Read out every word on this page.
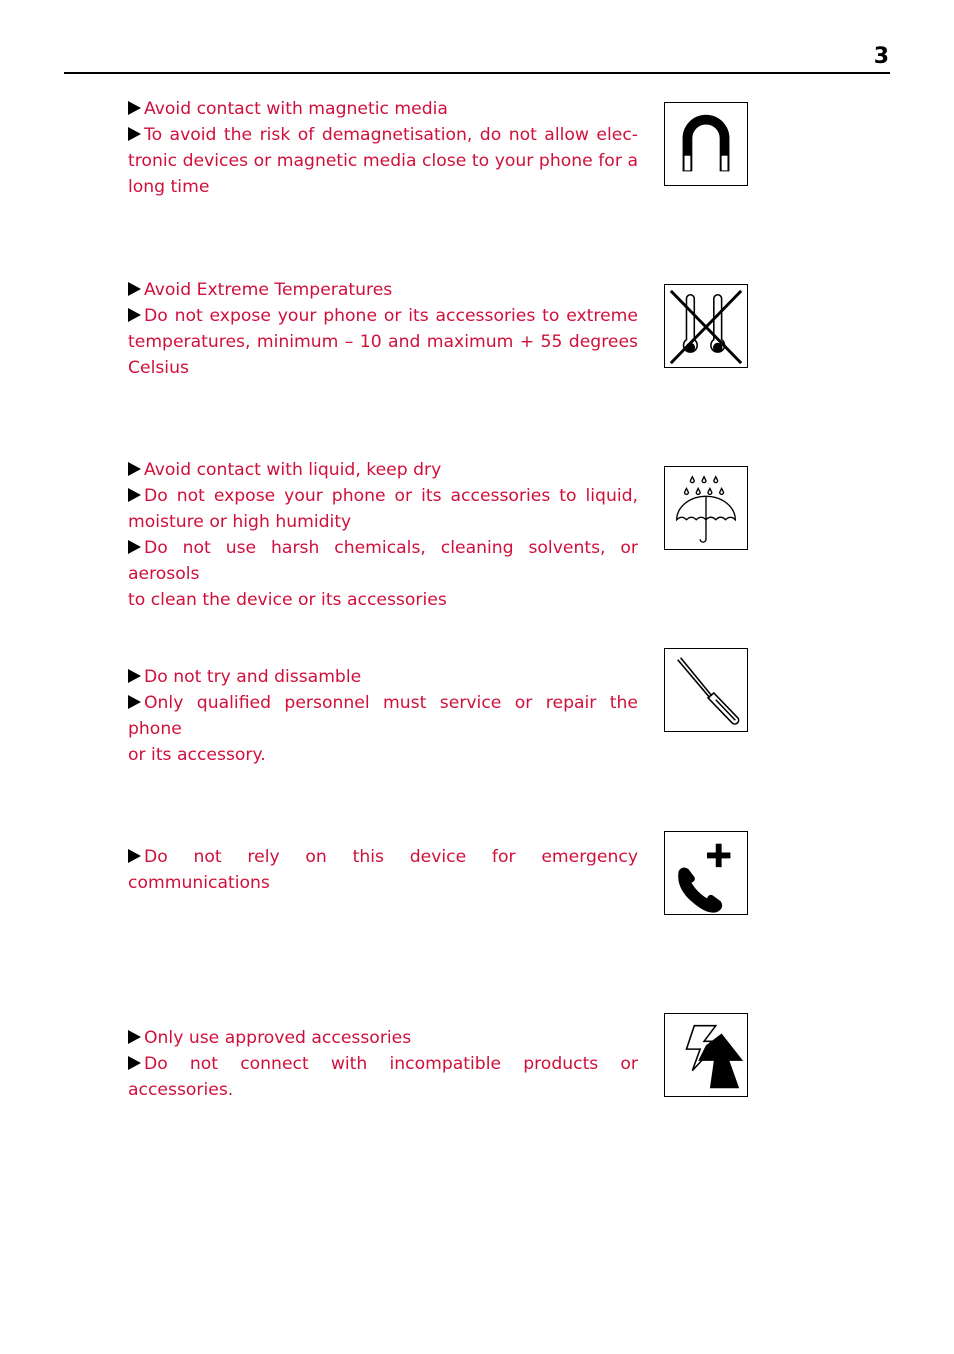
3
Avoid contact with magnetic media
To avoid the risk of demagnetisation, do not allow elec-
tronic devices or magnetic media close to your phone for a
long time
Avoid Extreme Temperatures
Do not expose your phone or its accessories to extreme
temperatures, minimum – 10 and maximum + 55 degrees
Celsius
Avoid contact with liquid, keep dry
Do not expose your phone or its accessories to liquid,
moisture or high humidity
Do not use harsh chemicals, cleaning solvents, or aerosols
to clean the device or its accessories
Do not try and dissamble
Only qualified personnel must service or repair the phone
or its accessory.
Do not rely on this device for emergency
communications
Only use approved accessories
Do not connect with incompatible products or
accessories.
